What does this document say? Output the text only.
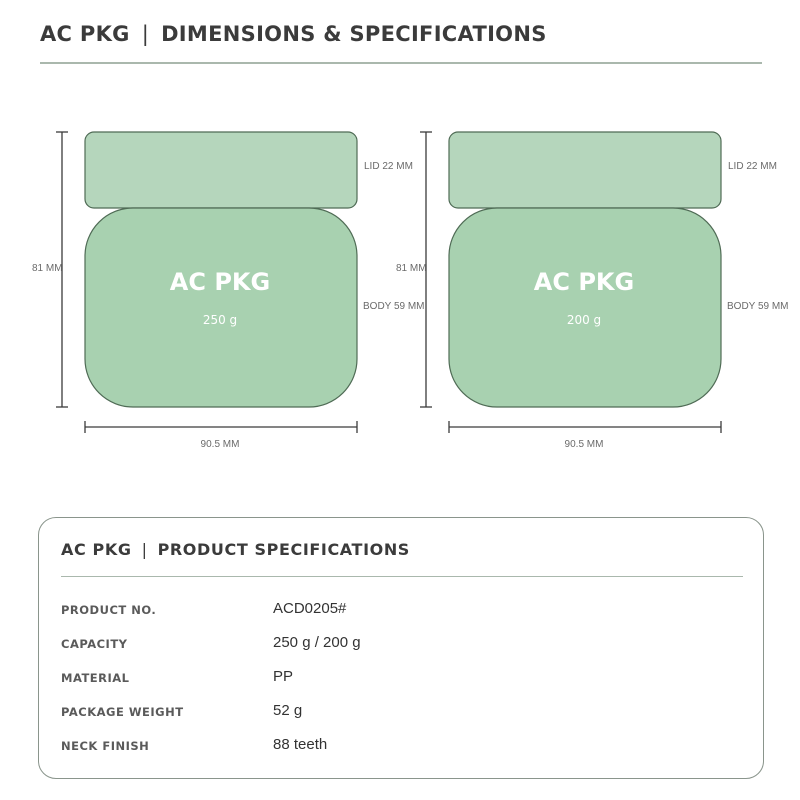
AC PKG | DIMENSIONS & SPECIFICATIONS
AC PKG
250 g
81 MM
90.5 MM
LID 22 MM
BODY 59 MM
AC PKG
200 g
81 MM
90.5 MM
LID 22 MM
BODY 59 MM
AC PKG | PRODUCT SPECIFICATIONS
PRODUCT NO.	ACD0205#
CAPACITY	250 g / 200 g
MATERIAL	PP
PACKAGE WEIGHT	52 g
NECK FINISH	88 teeth
